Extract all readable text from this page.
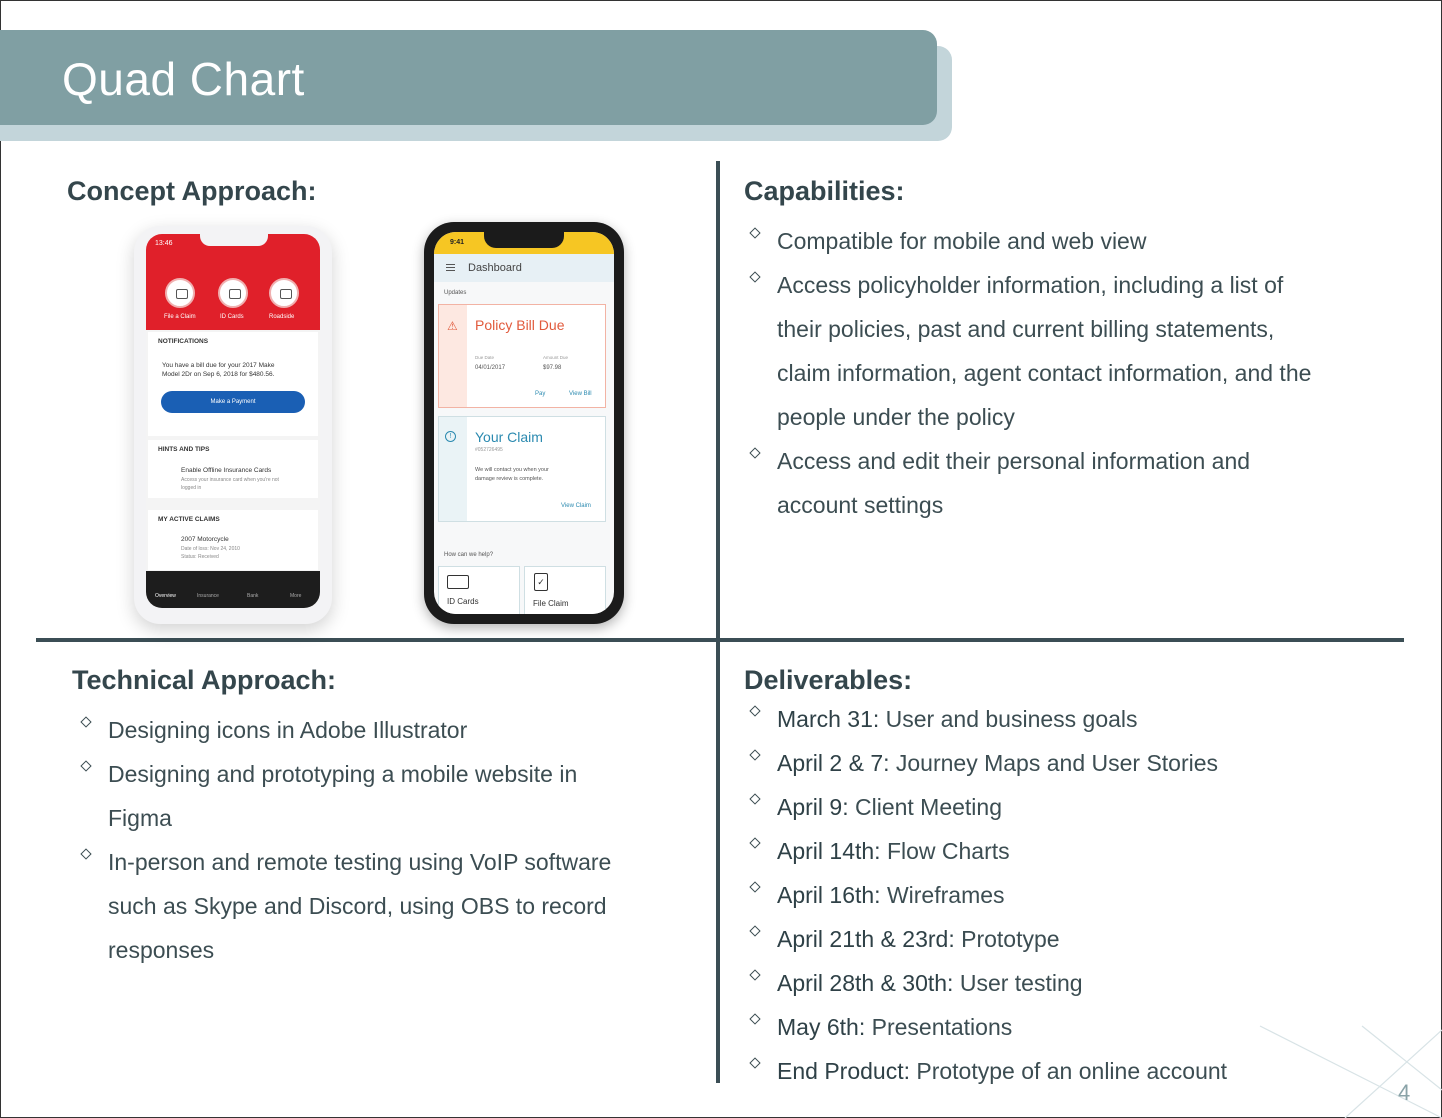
Quad Chart
Concept Approach:
13:46
File a Claim	ID Cards	Roadside
NOTIFICATIONS
You have a bill due for your 2017 Make
Model 2Dr on Sep 6, 2018 for $480.56.
Make a Payment
HINTS AND TIPS
Enable Offline Insurance Cards
Access your insurance card when you're not
logged in
MY ACTIVE CLAIMS
2007 Motorcycle
Date of loss: Nov 24, 2010
Status: Received
Overview	Insurance	Bank	More
9:41
Dashboard
Updates
⚠ Policy Bill Due
Due Date
04/01/2017
Amount Due
$97.98
Pay	View Bill
!	Your Claim
#052726495
We will contact you when your
damage review is complete.
View Claim
How can we help?
ID Cards
✓
File Claim
Capabilities:
Compatible for mobile and web view
Access policyholder information, including a list of
their policies, past and current billing statements,
claim information, agent contact information, and the
people under the policy
Access and edit their personal information and
account settings
Technical Approach:
Designing icons in Adobe Illustrator
Designing and prototyping a mobile website in
Figma
In-person and remote testing using VoIP software
such as Skype and Discord, using OBS to record
responses
Deliverables:
March 31: User and business goals
April 2 & 7: Journey Maps and User Stories
April 9: Client Meeting
April 14th: Flow Charts
April 16th: Wireframes
April 21th & 23rd: Prototype
April 28th & 30th: User testing
May 6th: Presentations
End Product: Prototype of an online account
4
